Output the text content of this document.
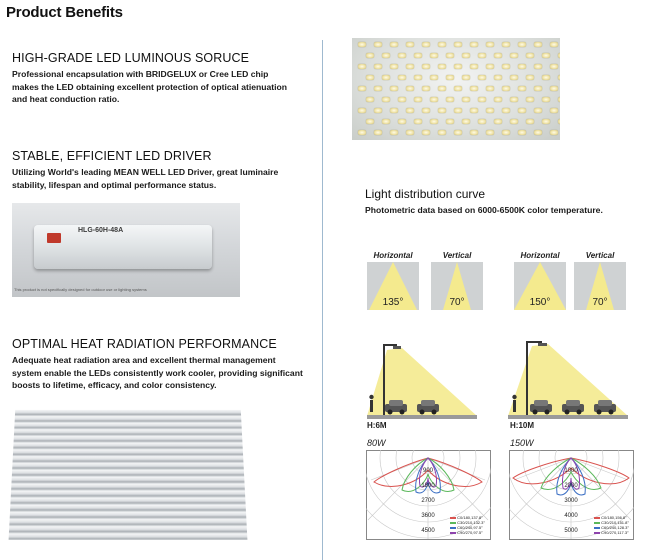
Product Benefits
HIGH-GRADE LED LUMINOUS SORUCE
Professional encapsulation with BRIDGELUX or Cree LED chip
makes the LED obtaining excellent protection of optical atienuation
and heat conduction ratio.
STABLE, EFFICIENT LED DRIVER
Utilizing World's leading MEAN WELL LED Driver, great luminaire
stability, lifespan and optimal performance status.
HLG-60H-48A
This product is not specifically designed for outdoor use or lighting systems
OPTIMAL HEAT RADIATION PERFORMANCE
Adequate heat radiation area and excellent thermal management
system enable the LEDs consistently work cooler, providing significant
boosts to lifetime, efficacy, and color consistency.
Light distribution curve
Photometric data based on 6000-6500K color temperature.
Horizontal
135°
Vertical
70°
Horizontal
150°
Vertical
70°
H:6M	H:10M
80W	150W
900
1800
2700
3600
4500
C0/180,137.8°
C30/210,132.3°
C60/240,97.5°
C90/270,97.5°
1000
2000
3000
4000
5000
C0/180,156.8°
C30/210,151.8°
C60/240,128.3°
C90/270,117.3°
